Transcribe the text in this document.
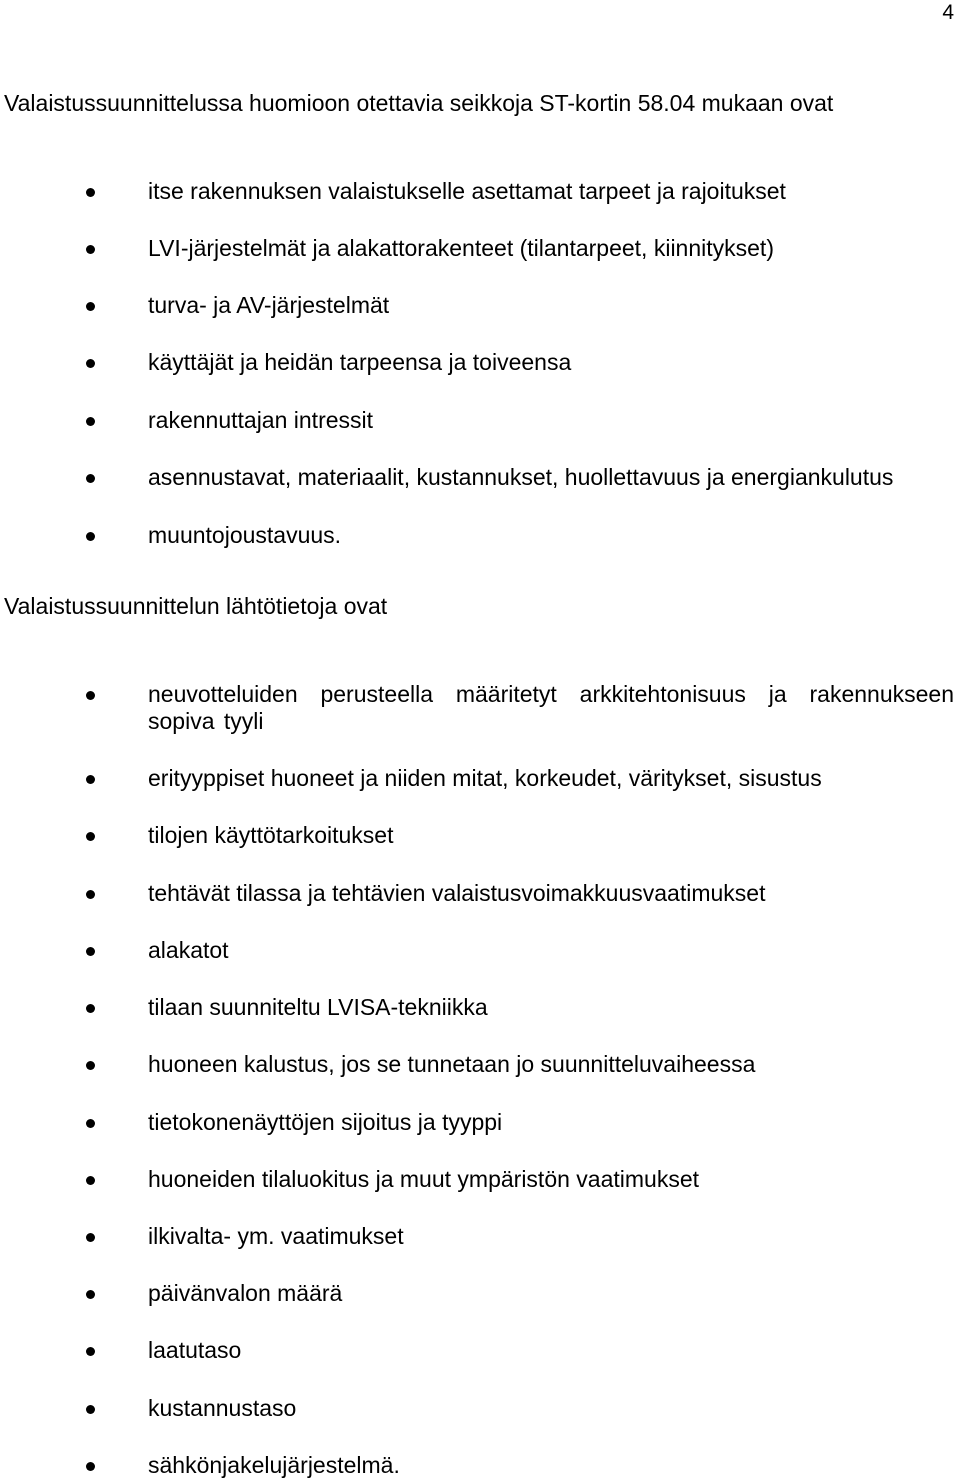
4

Valaistussuunnittelussa huomioon otettavia seikkoja ST-kortin 58.04 mukaan ovat

itse rakennuksen valaistukselle asettamat tarpeet ja rajoitukset
LVI-järjestelmät ja alakattorakenteet (tilantarpeet, kiinnitykset)
turva- ja AV-järjestelmät
käyttäjät ja heidän tarpeensa ja toiveensa
rakennuttajan intressit
asennustavat, materiaalit, kustannukset, huollettavuus ja energiankulutus
muuntojoustavuus.

Valaistussuunnittelun lähtötietoja ovat

neuvotteluiden perusteella määritetyt arkkitehtonisuus ja rakennukseen sopiva tyyli
erityyppiset huoneet ja niiden mitat, korkeudet, väritykset, sisustus
tilojen käyttötarkoitukset
tehtävät tilassa ja tehtävien valaistusvoimakkuusvaatimukset
alakatot
tilaan suunniteltu LVISA-tekniikka
huoneen kalustus, jos se tunnetaan jo suunnitteluvaiheessa
tietokonenäyttöjen sijoitus ja tyyppi
huoneiden tilaluokitus ja muut ympäristön vaatimukset
ilkivalta- ym. vaatimukset
päivänvalon määrä
laatutaso
kustannustaso
sähkönjakelujärjestelmä.
